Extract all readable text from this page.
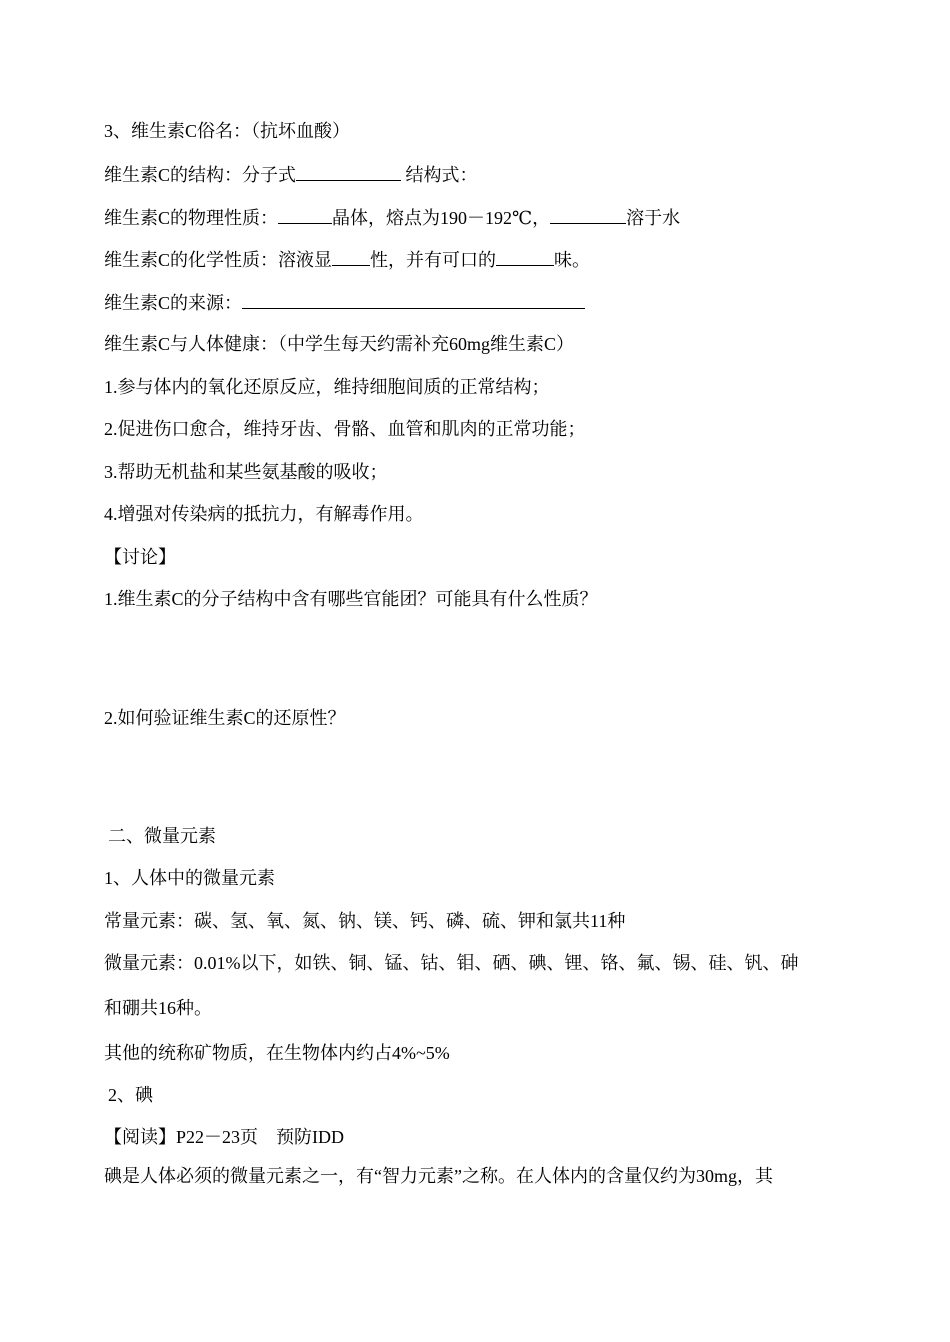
3、维生素C俗名：（抗坏血酸）
维生素C的结构：分子式	结构式：
维生素C的物理性质：	晶体，熔点为190－192℃，	溶于水
维生素C的化学性质：溶液显 性，并有可口的	味。
维生素C的来源：
维生素C与人体健康：（中学生每天约需补充60mg维生素C）
1.参与体内的氧化还原反应，维持细胞间质的正常结构；
2.促进伤口愈合，维持牙齿、骨骼、血管和肌肉的正常功能；
3.帮助无机盐和某些氨基酸的吸收；
4.增强对传染病的抵抗力，有解毒作用。
【讨论】
1.维生素C的分子结构中含有哪些官能团？可能具有什么性质？
2.如何验证维生素C的还原性？
二、微量元素
1、人体中的微量元素
常量元素：碳、氢、氧、氮、钠、镁、钙、磷、硫、钾和氯共11种
微量元素：0.01%以下，如铁、铜、锰、钴、钼、硒、碘、锂、铬、氟、锡、硅、钒、砷
和硼共16种。
其他的统称矿物质，在生物体内约占4%~5%
2、碘
【阅读】P22－23页　预防IDD
碘是人体必须的微量元素之一，有“智力元素”之称。在人体内的含量仅约为30mg，其
